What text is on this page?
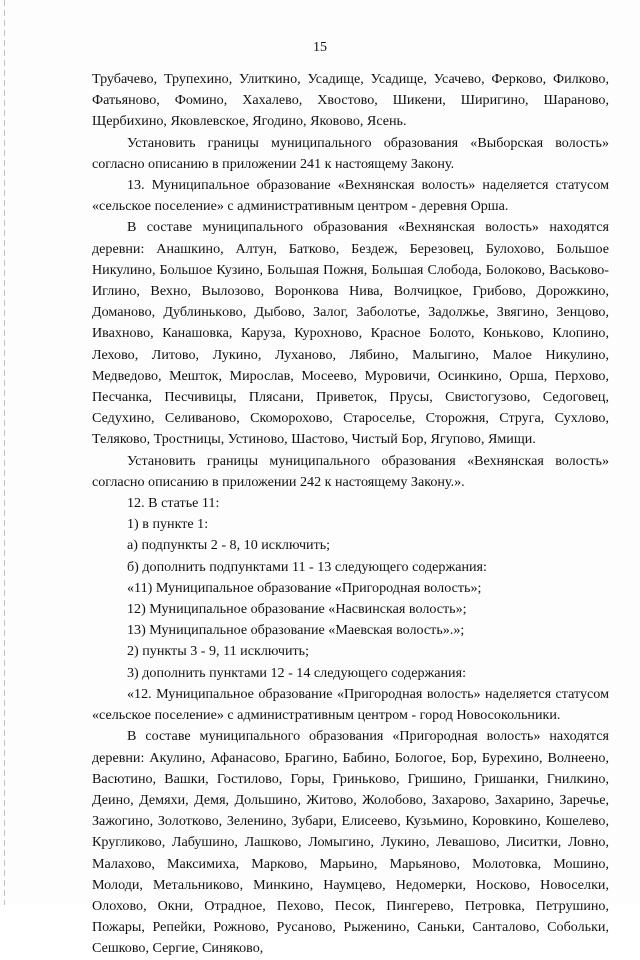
15

Трубачево, Трупехино, Улиткино, Усадище, Усадище, Усачево, Ферково, Филково, Фатьяново, Фомино, Хахалево, Хвостово, Шикени, Ширигино, Шараново, Щербихино, Яковлевское, Ягодино, Яковово, Ясень.

Установить границы муниципального образования «Выборская волость» согласно описанию в приложении 241 к настоящему Закону.

13. Муниципальное образование «Вехнянская волость» наделяется статусом «сельское поселение» с административным центром - деревня Орша.

В составе муниципального образования «Вехнянская волость» находятся деревни: Анашкино, Алтун, Батково, Бездеж, Березовец, Булохово, Большое Никулино, Большое Кузино, Большая Пожня, Большая Слобода, Болоково, Васьково-Иглино, Вехно, Вылозово, Воронкова Нива, Волчицкое, Грибово, Дорожкино, Доманово, Дублинькoво, Дыбово, Залог, Заболотье, Задолжье, Звягино, Зенцово, Ивахново, Канашовка, Каруза, Курохново, Красное Болото, Конькoво, Клопино, Лехово, Литово, Лукино, Луханово, Лябино, Малыгино, Малое Никулино, Медведово, Мешток, Мирослав, Мосеево, Муровичи, Осинкино, Орша, Перхово, Песчанка, Песчивицы, Плясани, Приветок, Прусы, Свистогузово, Седоговец, Седухино, Селиваново, Скоморохово, Староселье, Сторожня, Струга, Сухлово, Теляково, Тростницы, Устиново, Шастово, Чистый Бор, Ягупово, Ямищи.

Установить границы муниципального образования «Вехнянская волость» согласно описанию в приложении 242 к настоящему Закону.».

12. В статье 11:

1) в пункте 1:

а) подпункты 2 - 8, 10 исключить;

б) дополнить подпунктами 11 - 13 следующего содержания:

«11) Муниципальное образование «Пригородная волость»;

12) Муниципальное образование «Насвинская волость»;

13) Муниципальное образование «Маевская волость».»;

2) пункты 3 - 9, 11 исключить;

3) дополнить пунктами 12 - 14 следующего содержания:

«12. Муниципальное образование «Пригородная волость» наделяется статусом «сельское поселение» с административным центром - город Новосокольники.

В составе муниципального образования «Пригородная волость» находятся деревни: Акулино, Афанасово, Брагино, Бабино, Бологое, Бор, Бурехино, Волнеено, Васютино, Вашки, Гостилово, Горы, Гринькoво, Гришино, Гришанки, Гнилкино, Деино, Демяхи, Демя, Дольшино, Житово, Жолобово, Захарово, Захарино, Заречье, Зажогино, Золотково, Зеленино, Зубари, Елисеево, Кузьмино, Коровкино, Кошелево, Кругликово, Лабушино, Лашково, Ломыгино, Лукино, Левашово, Лиситки, Ловно, Малахово, Максимиха, Марково, Марьино, Марьяново, Молотовка, Мошино, Молоди, Метальниково, Минкино, Наумцево, Недомерки, Носково, Новоселки, Олохово, Окни, Отрадное, Пехово, Песок, Пингерево, Петровка, Петрушино, Пожары, Репейки, Рожново, Русаново, Рыженино, Саньки, Санталово, Собольки, Сешково, Сергие, Синяково,
